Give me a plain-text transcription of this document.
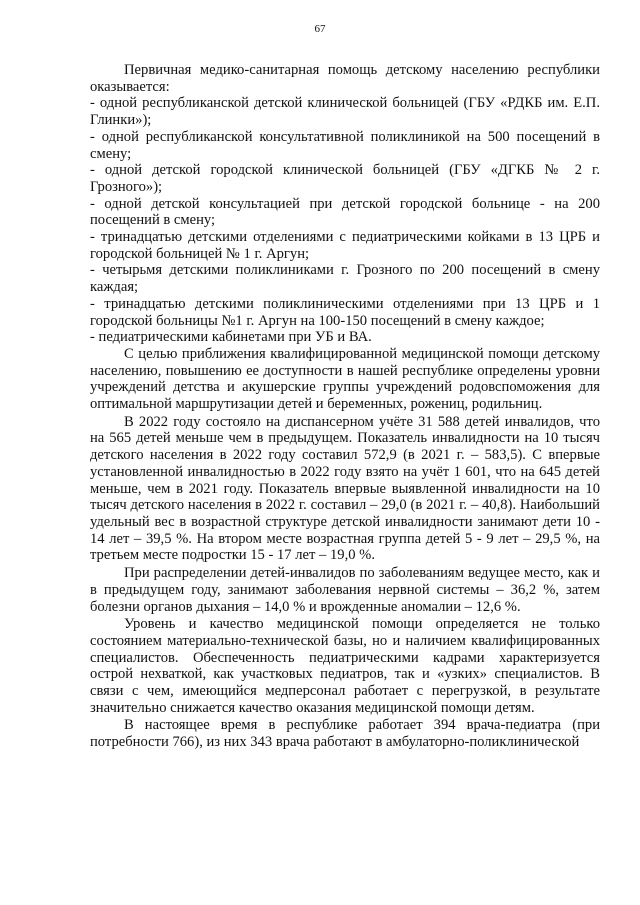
67

Первичная медико-санитарная помощь детскому населению республики оказывается:

- одной республиканской детской клинической больницей (ГБУ «РДКБ им. Е.П. Глинки»);

- одной республиканской консультативной поликлиникой на 500 посещений в смену;

- одной детской городской клинической больницей (ГБУ «ДГКБ № 2 г. Грозного»);

- одной детской консультацией при детской городской больнице - на 200 посещений в смену;

- тринадцатью детскими отделениями с педиатрическими койками в 13 ЦРБ и городской больницей № 1 г. Аргун;

- четырьмя детскими поликлиниками г. Грозного по 200 посещений в смену каждая;

- тринадцатью детскими поликлиническими отделениями при 13 ЦРБ и 1 городской больницы №1 г. Аргун на 100-150 посещений в смену каждое;

- педиатрическими кабинетами при УБ и ВА.

С целью приближения квалифицированной медицинской помощи детскому населению, повышению ее доступности в нашей республике определены уровни учреждений детства и акушерские группы учреждений родовспоможения для оптимальной маршрутизации детей и беременных, рожениц, родильниц.

В 2022 году состояло на диспансерном учёте 31 588 детей инвалидов, что на 565 детей меньше чем в предыдущем. Показатель инвалидности на 10 тысяч детского населения в 2022 году составил 572,9 (в 2021 г. – 583,5). С впервые установленной инвалидностью в 2022 году взято на учёт 1 601, что на 645 детей меньше, чем в 2021 году. Показатель впервые выявленной инвалидности на 10 тысяч детского населения в 2022 г. составил – 29,0 (в 2021 г. – 40,8). Наибольший удельный вес в возрастной структуре детской инвалидности занимают дети 10 - 14 лет – 39,5 %. На втором месте возрастная группа детей 5 - 9 лет – 29,5 %, на третьем месте подростки 15 - 17 лет – 19,0 %.

При распределении детей-инвалидов по заболеваниям ведущее место, как и в предыдущем году, занимают заболевания нервной системы – 36,2 %, затем болезни органов дыхания – 14,0 % и врожденные аномалии – 12,6 %.

Уровень и качество медицинской помощи определяется не только состоянием материально-технической базы, но и наличием квалифицированных специалистов. Обеспеченность педиатрическими кадрами характеризуется острой нехваткой, как участковых педиатров, так и «узких» специалистов. В связи с чем, имеющийся медперсонал работает с перегрузкой, в результате значительно снижается качество оказания медицинской помощи детям.

В настоящее время в республике работает 394 врача-педиатра (при потребности 766), из них 343 врача работают в амбулаторно-поликлинической
